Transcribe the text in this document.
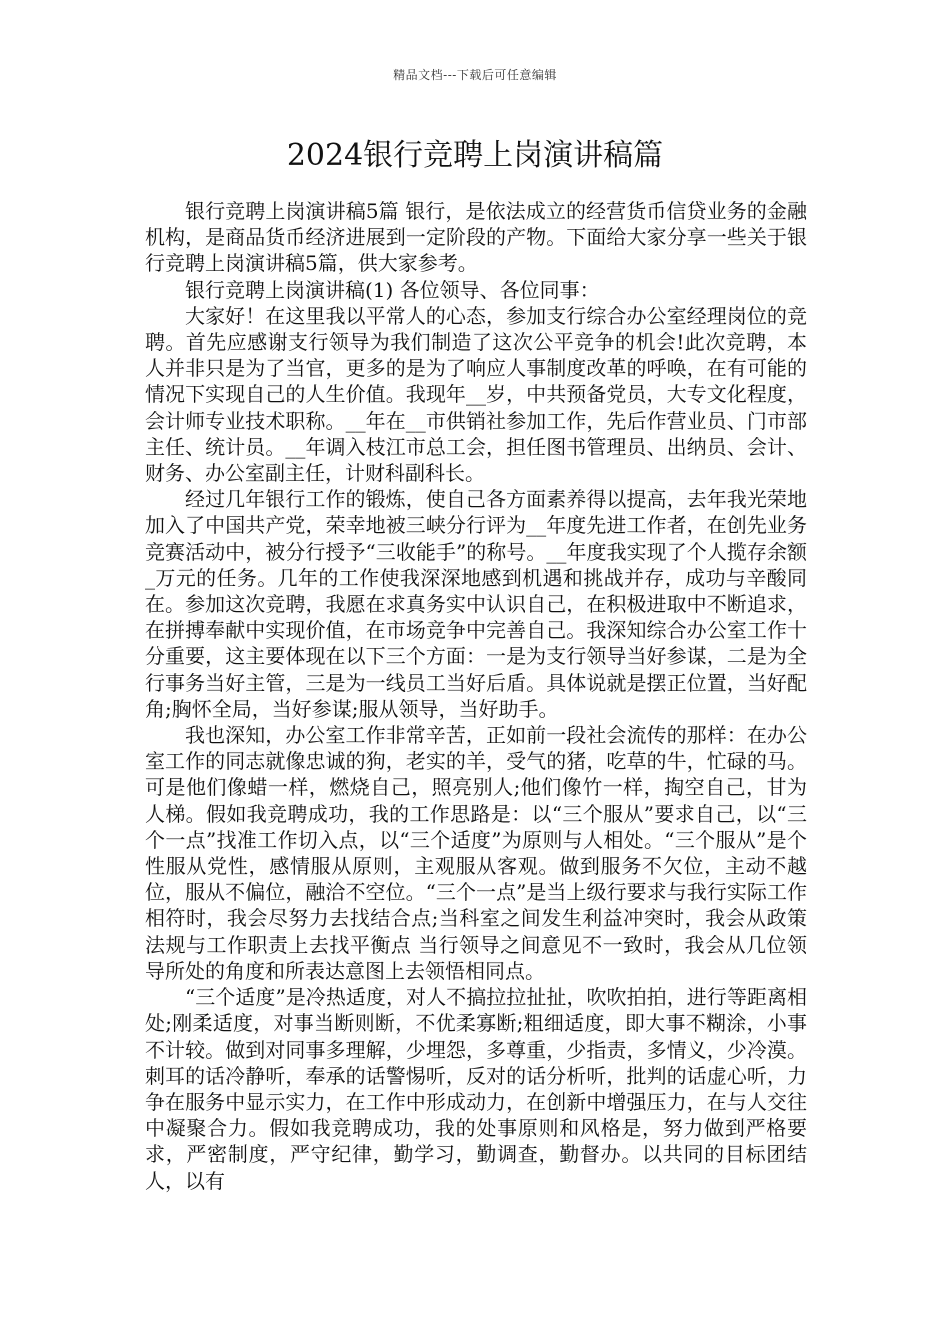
精品文档---下载后可任意编辑
2024银行竞聘上岗演讲稿篇

银行竞聘上岗演讲稿5篇 银行，是依法成立的经营货币信贷业务的金融机构，是商品货币经济进展到一定阶段的产物。下面给大家分享一些关于银行竞聘上岗演讲稿5篇，供大家参考。

银行竞聘上岗演讲稿(1) 各位领导、各位同事：

大家好！在这里我以平常人的心态，参加支行综合办公室经理岗位的竞聘。首先应感谢支行领导为我们制造了这次公平竞争的机会!此次竞聘，本人并非只是为了当官，更多的是为了响应人事制度改革的呼唤，在有可能的情况下实现自己的人生价值。我现年__岁，中共预备党员，大专文化程度，会计师专业技术职称。__年在__市供销社参加工作，先后作营业员、门市部主任、统计员。__年调入枝江市总工会，担任图书管理员、出纳员、会计、财务、办公室副主任，计财科副科长。

经过几年银行工作的锻炼，使自己各方面素养得以提高，去年我光荣地加入了中国共产党，荣幸地被三峡分行评为__年度先进工作者，在创先业务竞赛活动中，被分行授予“三收能手”的称号。__年度我实现了个人揽存余额_万元的任务。几年的工作使我深深地感到机遇和挑战并存，成功与辛酸同在。参加这次竞聘，我愿在求真务实中认识自己，在积极进取中不断追求，在拼搏奉献中实现价值，在市场竞争中完善自己。我深知综合办公室工作十分重要，这主要体现在以下三个方面：一是为支行领导当好参谋，二是为全行事务当好主管，三是为一线员工当好后盾。具体说就是摆正位置，当好配角;胸怀全局，当好参谋;服从领导，当好助手。

我也深知，办公室工作非常辛苦，正如前一段社会流传的那样：在办公室工作的同志就像忠诚的狗，老实的羊，受气的猪，吃草的牛，忙碌的马。可是他们像蜡一样，燃烧自己，照亮别人;他们像竹一样，掏空自己，甘为人梯。假如我竞聘成功，我的工作思路是：以“三个服从”要求自己，以“三个一点”找准工作切入点，以“三个适度”为原则与人相处。“三个服从”是个性服从党性，感情服从原则，主观服从客观。做到服务不欠位，主动不越位，服从不偏位，融洽不空位。“三个一点”是当上级行要求与我行实际工作相符时，我会尽努力去找结合点;当科室之间发生利益冲突时，我会从政策法规与工作职责上去找平衡点 当行领导之间意见不一致时，我会从几位领导所处的角度和所表达意图上去领悟相同点。

“三个适度”是冷热适度，对人不搞拉拉扯扯，吹吹拍拍，进行等距离相处;刚柔适度，对事当断则断，不优柔寡断;粗细适度，即大事不糊涂，小事不计较。做到对同事多理解，少埋怨，多尊重，少指责，多情义，少冷漠。刺耳的话冷静听，奉承的话警惕听，反对的话分析听，批判的话虚心听，力争在服务中显示实力，在工作中形成动力，在创新中增强压力，在与人交往中凝聚合力。假如我竞聘成功，我的处事原则和风格是，努力做到严格要求，严密制度，严守纪律，勤学习，勤调查，勤督办。以共同的目标团结人，以有
